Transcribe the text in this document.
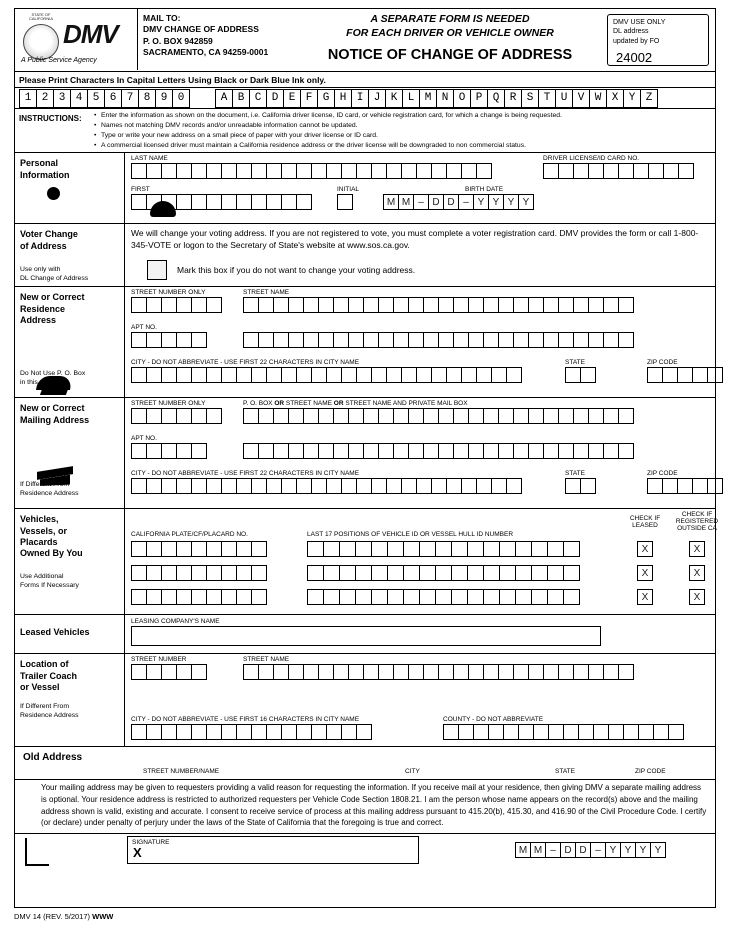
STATE OF CALIFORNIA
DMV
A Public Service Agency
MAIL TO:
DMV CHANGE OF ADDRESS
P. O. BOX 942859
SACRAMENTO, CA 94259-0001
A SEPARATE FORM IS NEEDED
FOR EACH DRIVER OR VEHICLE OWNER
NOTICE OF CHANGE OF ADDRESS
DMV USE ONLY
DL address
updated by FO
24002
Please Print Characters In Capital Letters Using Black or Dark Blue Ink only.
1 2 3 4 5 6 7 8 9 0	A B C D E F G H I J K L M N O P Q R S T U V W X Y Z
INSTRUCTIONS:	• Enter the information as shown on the document, i.e. California driver license, ID card, or vehicle registration card, for which a change is being requested.
• Names not matching DMV records and/or unreadable information cannot be updated.
• Type or write your new address on a small piece of paper with your driver license or ID card.
• A commercial licensed driver must maintain a California residence address or the driver license will be downgraded to non commercial status.
Personal
Information
LAST NAME	DRIVER LICENSE/ID CARD NO.
FIRST	INITIAL	BIRTH DATE
M M – D D – Y Y Y Y
Voter Change
of Address
Use only with
DL Change of Address
We will change your voting address. If you are not registered to vote, you must complete a voter registration card. DMV provides the form or call 1-800-345-VOTE or logon to the Secretary of State's website at www.sos.ca.gov.
Mark this box if you do not want to change your voting address.
New or Correct
Residence
Address
Do Not Use P. O. Box
in this space
STREET NUMBER ONLY	STREET NAME
APT NO.
CITY - DO NOT ABBREVIATE - USE FIRST 22 CHARACTERS IN CITY NAME	STATE	ZIP CODE
New or Correct
Mailing Address
If Different From
Residence Address
STREET NUMBER ONLY	P. O. BOX OR STREET NAME OR STREET NAME AND PRIVATE MAIL BOX
APT NO.
CITY - DO NOT ABBREVIATE - USE FIRST 22 CHARACTERS IN CITY NAME	STATE	ZIP CODE
Vehicles,
Vessels, or
Placards
Owned By You
Use Additional
Forms If Necessary
CALIFORNIA PLATE/CF/PLACARD NO.	LAST 17 POSITIONS OF VEHICLE ID OR VESSEL HULL ID NUMBER
CHECK IF
LEASED
CHECK IF
REGISTERED
OUTSIDE CA
X	X
X	X
X	X
Leased Vehicles
LEASING COMPANY'S NAME
Location of
Trailer Coach
or Vessel
If Different From
Residence Address
STREET NUMBER	STREET NAME
CITY - DO NOT ABBREVIATE - USE FIRST 16 CHARACTERS IN CITY NAME	COUNTY - DO NOT ABBREVIATE
Old Address
STREET NUMBER/NAME	CITY	STATE	ZIP CODE

Your mailing address may be given to requesters providing a valid reason for requesting the information. If you receive mail at your residence, then giving DMV a separate mailing address is optional. Your residence address is restricted to authorized requesters per Vehicle Code Section 1808.21. I am the person whose name appears on the record(s) above and the mailing address shown is valid, existing and accurate. I consent to receive service of process at this mailing address pursuant to 415.20(b), 415.30, and 416.90 of the Civil Procedure Code. I certify (or declare) under penalty of perjury under the laws of the State of California that the foregoing is true and correct.

SIGNATURE
X	M M – D D – Y Y Y Y
DMV 14 (REV. 5/2017) WWW
